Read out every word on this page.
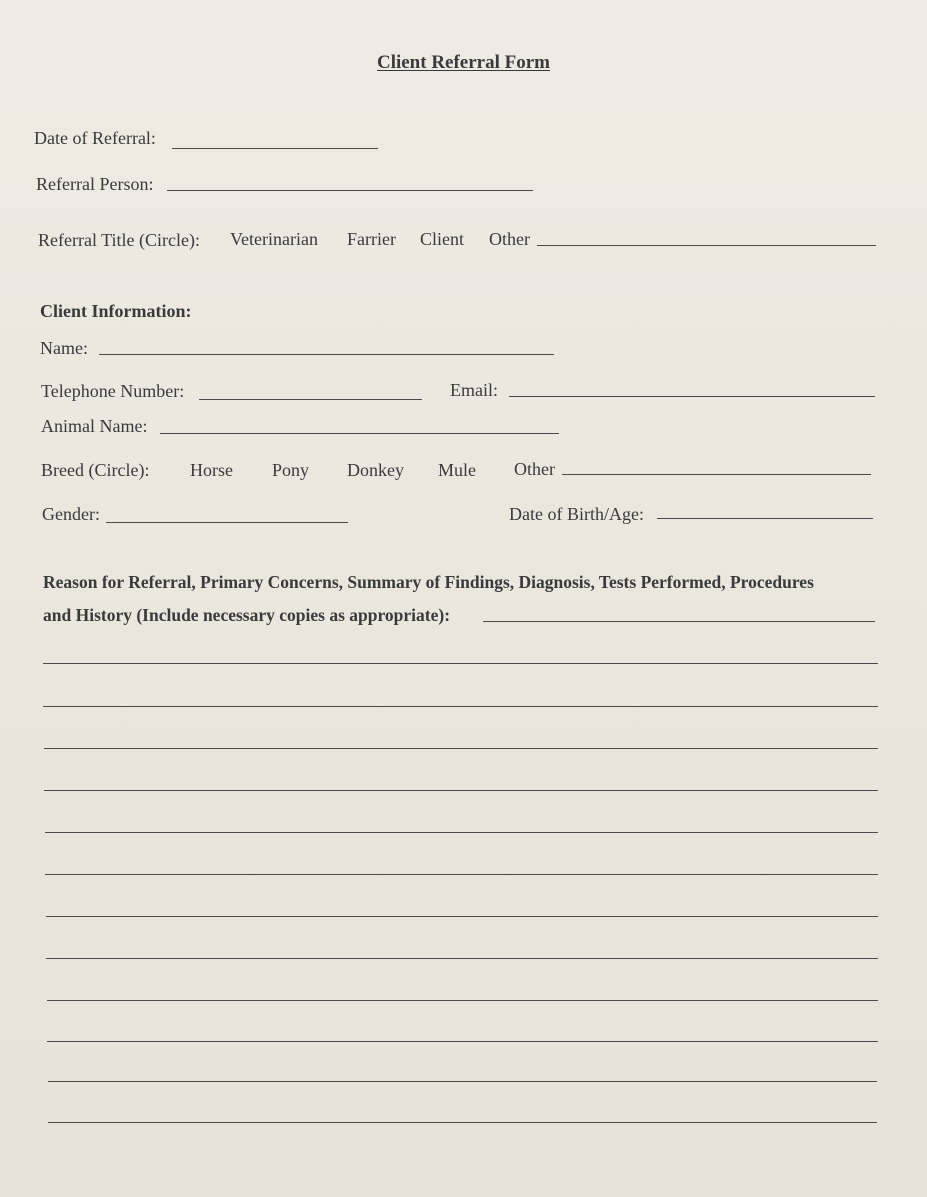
Client Referral Form
Date of Referral:
Referral Person:
Referral Title (Circle): Veterinarian Farrier Client Other
Client Information:
Name:
Telephone Number:	Email:
Animal Name:
Breed (Circle): Horse Pony Donkey Mule Other
Gender:	Date of Birth/Age:
Reason for Referral, Primary Concerns, Summary of Findings, Diagnosis, Tests Performed, Procedures
and History (Include necessary copies as appropriate):
